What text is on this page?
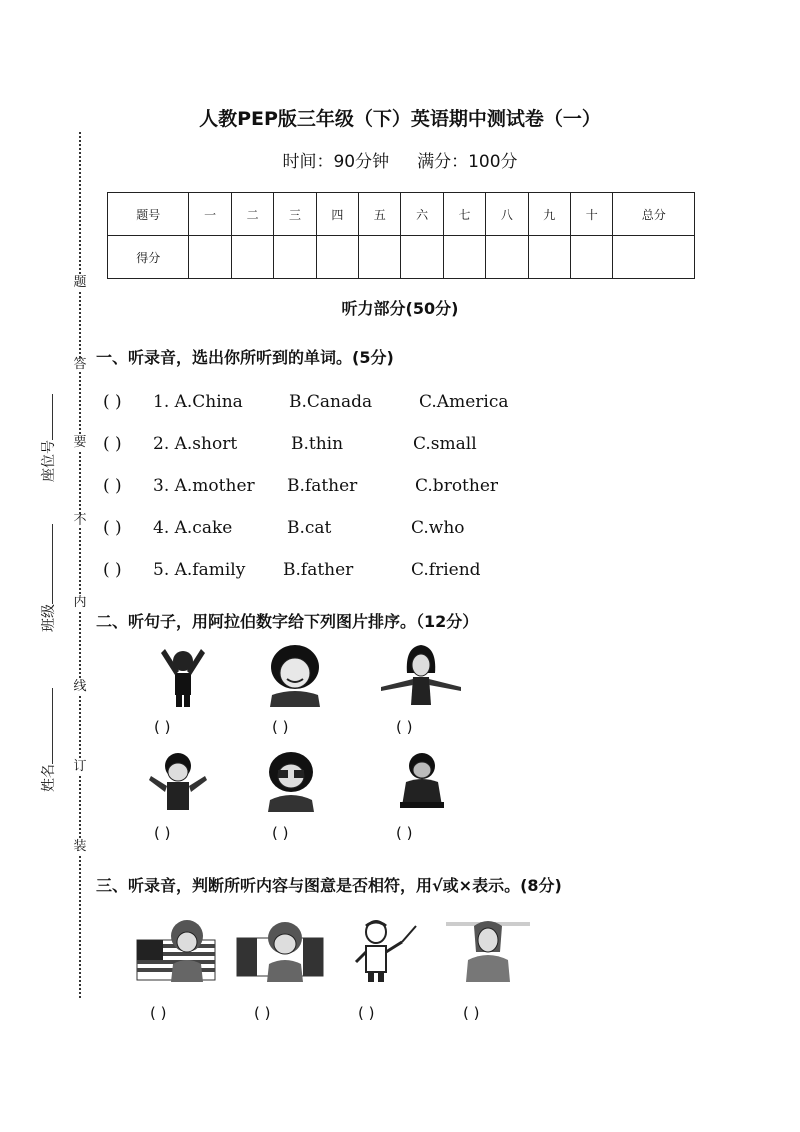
题
答
要
不
内
线
订
装
座位号
班级
姓名
人教PEP版三年级（下）英语期中测试卷（一）
时间：90分钟 满分：100分
题号	一	二	三	四	五	六	七	八	九	十	总分
得分											
听力部分(50分)
一、听录音，选出你所听到的单词。(5分)
( ) 1. A.China	B.Canada	C.America
( ) 2. A.short	B.thin	C.small
( ) 3. A.mother B.father	C.brother
( ) 4. A.cake	B.cat	C.who
( ) 5. A.family B.father	C.friend
二、听句子，用阿拉伯数字给下列图片排序。（12分）
( )	( )	( )
( )	( )	( )
三、听录音，判断所听内容与图意是否相符，用√或×表示。(8分)
( )	( )	( )	( )
